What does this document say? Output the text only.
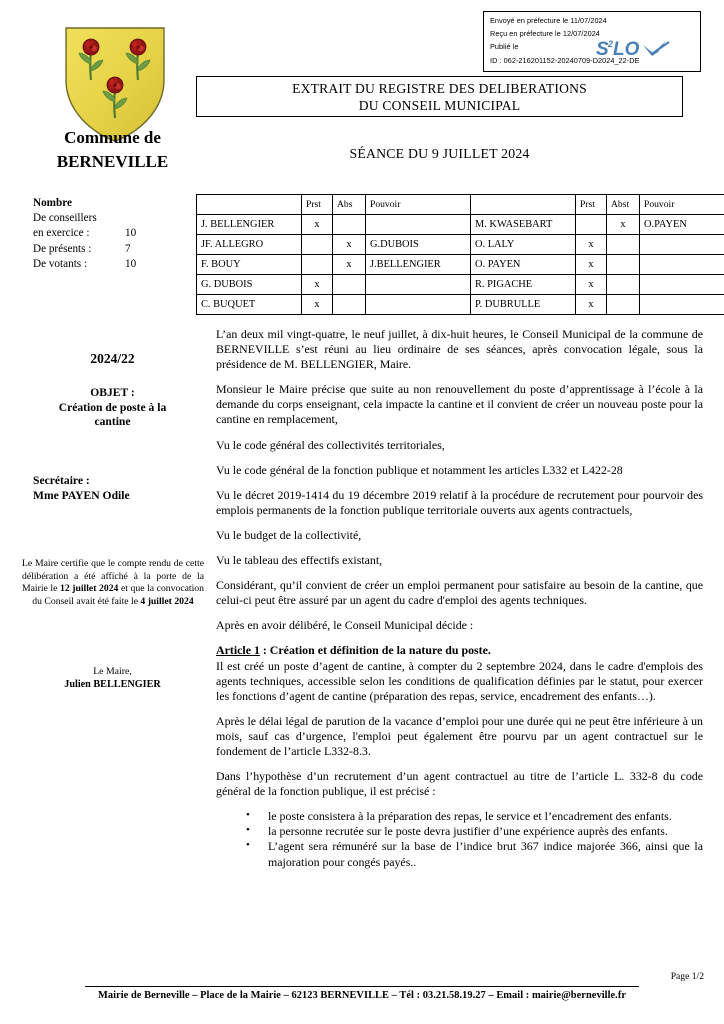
Envoyé en préfecture le 11/07/2024
Reçu en préfecture le 12/07/2024
Publié le
ID : 062-216201152-20240709-D2024_22-DE
S 2 LO
EXTRAIT DU REGISTRE DES DELIBERATIONS
DU CONSEIL MUNICIPAL
SÉANCE DU 9 JUILLET 2024
Commune de
BERNEVILLE
Nombre
De conseillers
en exercice :	10
De présents :	7
De votants :	10
2024/22
OBJET :
Création de poste à la
cantine
Secrétaire :
Mme PAYEN Odile
Le Maire certifie que le compte rendu de cette délibération a été affiché à la porte de la Mairie le 12 juillet 2024 et que la convocation du Conseil avait été faite le 4 juillet 2024
Le Maire,
Julien BELLENGIER
	Prst	Abs	Pouvoir		Prst	Abst	Pouvoir
J. BELLENGIER	x			M. KWASEBART		x	O.PAYEN
JF. ALLEGRO		x	G.DUBOIS	O. LALY	x		
F. BOUY		x	J.BELLENGIER	O. PAYEN	x		
G. DUBOIS	x			R. PIGACHE	x		
C. BUQUET	x			P. DUBRULLE	x		

L’an deux mil vingt-quatre, le neuf juillet, à dix-huit heures, le Conseil Municipal de la commune de BERNEVILLE s’est réuni au lieu ordinaire de ses séances, après convocation légale, sous la présidence de M. BELLENGIER, Maire.

Monsieur le Maire précise que suite au non renouvellement du poste d’apprentissage à l’école à la demande du corps enseignant, cela impacte la cantine et il convient de créer un nouveau poste pour la cantine en remplacement,

Vu le code général des collectivités territoriales,

Vu le code général de la fonction publique et notamment les articles L332 et L422-28

Vu le décret 2019-1414 du 19 décembre 2019 relatif à la procédure de recrutement pour pourvoir des emplois permanents de la fonction publique territoriale ouverts aux agents contractuels,

Vu le budget de la collectivité,

Vu le tableau des effectifs existant,

Considérant, qu’il convient de créer un emploi permanent pour satisfaire au besoin de la cantine, que celui-ci peut être assuré par un agent du cadre d'emploi des agents techniques.

Après en avoir délibéré, le Conseil Municipal décide :

Article 1 : Création et définition de la nature du poste.

Il est créé un poste d’agent de cantine, à compter du 2 septembre 2024, dans le cadre d'emplois des agents techniques, accessible selon les conditions de qualification définies par le statut, pour exercer les fonctions d’agent de cantine (préparation des repas, service, encadrement des enfants…).

Après le délai légal de parution de la vacance d’emploi pour une durée qui ne peut être inférieure à un mois, sauf cas d’urgence, l'emploi peut également être pourvu par un agent contractuel sur le fondement de l’article L332-8.3.

Dans l’hypothèse d’un recrutement d’un agent contractuel au titre de l’article L. 332-8 du code général de la fonction publique, il est précisé :

• le poste consistera à la préparation des repas, le service et l’encadrement des enfants.
• la personne recrutée sur le poste devra justifier d’une expérience auprès des enfants.
• L’agent sera rémunéré sur la base de l’indice brut 367 indice majorée 366, ainsi que la majoration pour congés payés..
Page 1/2
Mairie de Berneville – Place de la Mairie – 62123 BERNEVILLE – Tél : 03.21.58.19.27 – Email : mairie@berneville.fr
